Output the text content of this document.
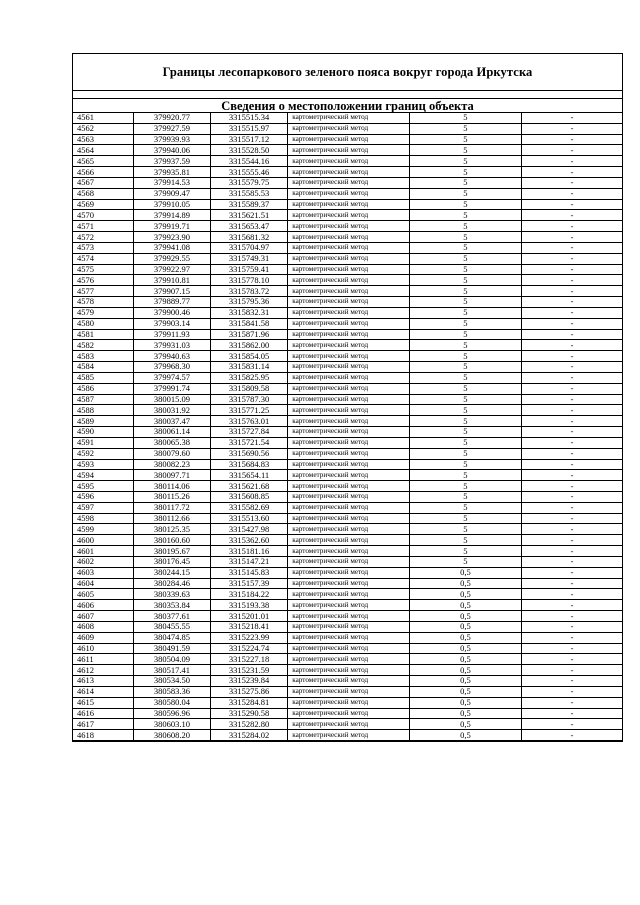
Границы лесопаркового зеленого пояса вокруг города Иркутска
Сведения о местоположении границ объекта
4561	379920.77	3315515.34	картометрический метод	5	-
4562	379927.59	3315515.97	картометрический метод	5	-
4563	379939.93	3315517.12	картометрический метод	5	-
4564	379940.06	3315528.50	картометрический метод	5	-
4565	379937.59	3315544.16	картометрический метод	5	-
4566	379935.81	3315555.46	картометрический метод	5	-
4567	379914.53	3315579.75	картометрический метод	5	-
4568	379909.47	3315585.53	картометрический метод	5	-
4569	379910.05	3315589.37	картометрический метод	5	-
4570	379914.89	3315621.51	картометрический метод	5	-
4571	379919.71	3315653.47	картометрический метод	5	-
4572	379923.90	3315681.32	картометрический метод	5	-
4573	379941.08	3315704.97	картометрический метод	5	-
4574	379929.55	3315749.31	картометрический метод	5	-
4575	379922.97	3315759.41	картометрический метод	5	-
4576	379910.81	3315778.10	картометрический метод	5	-
4577	379907.15	3315783.72	картометрический метод	5	-
4578	379889.77	3315795.36	картометрический метод	5	-
4579	379900.46	3315832.31	картометрический метод	5	-
4580	379903.14	3315841.58	картометрический метод	5	-
4581	379911.93	3315871.96	картометрический метод	5	-
4582	379931.03	3315862.00	картометрический метод	5	-
4583	379940.63	3315854.05	картометрический метод	5	-
4584	379968.30	3315831.14	картометрический метод	5	-
4585	379974.57	3315825.95	картометрический метод	5	-
4586	379991.74	3315809.58	картометрический метод	5	-
4587	380015.09	3315787.30	картометрический метод	5	-
4588	380031.92	3315771.25	картометрический метод	5	-
4589	380037.47	3315763.01	картометрический метод	5	-
4590	380061.14	3315727.84	картометрический метод	5	-
4591	380065.38	3315721.54	картометрический метод	5	-
4592	380079.60	3315690.56	картометрический метод	5	-
4593	380082.23	3315684.83	картометрический метод	5	-
4594	380097.71	3315654.11	картометрический метод	5	-
4595	380114.06	3315621.68	картометрический метод	5	-
4596	380115.26	3315608.85	картометрический метод	5	-
4597	380117.72	3315582.69	картометрический метод	5	-
4598	380112.66	3315513.60	картометрический метод	5	-
4599	380125.35	3315427.98	картометрический метод	5	-
4600	380160.60	3315362.60	картометрический метод	5	-
4601	380195.67	3315181.16	картометрический метод	5	-
4602	380176.45	3315147.21	картометрический метод	5	-
4603	380244.15	3315145.83	картометрический метод	0,5	-
4604	380284.46	3315157.39	картометрический метод	0,5	-
4605	380339.63	3315184.22	картометрический метод	0,5	-
4606	380353.84	3315193.38	картометрический метод	0,5	-
4607	380377.61	3315201.01	картометрический метод	0,5	-
4608	380455.55	3315218.41	картометрический метод	0,5	-
4609	380474.85	3315223.99	картометрический метод	0,5	-
4610	380491.59	3315224.74	картометрический метод	0,5	-
4611	380504.09	3315227.18	картометрический метод	0,5	-
4612	380517.41	3315231.59	картометрический метод	0,5	-
4613	380534.50	3315239.84	картометрический метод	0,5	-
4614	380583.36	3315275.86	картометрический метод	0,5	-
4615	380580.04	3315284.81	картометрический метод	0,5	-
4616	380596.96	3315290.58	картометрический метод	0,5	-
4617	380603.10	3315282.80	картометрический метод	0,5	-
4618	380608.20	3315284.02	картометрический метод	0,5	-
